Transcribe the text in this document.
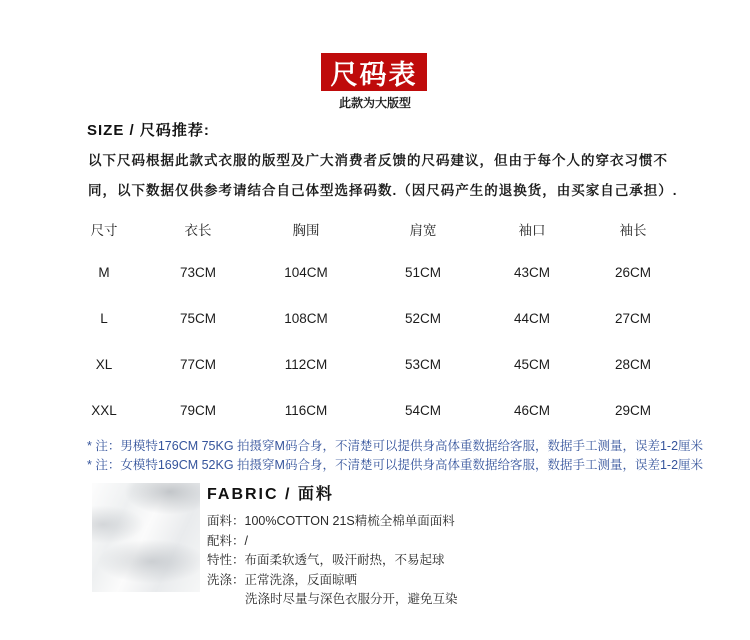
尺码表
此款为大版型
SIZE / 尺码推荐:
以下尺码根据此款式衣服的版型及广大消费者反馈的尺码建议，但由于每个人的穿衣习惯不
同，以下数据仅供参考请结合自己体型选择码数.（因尺码产生的退换货，由买家自己承担）.
尺寸	衣长	胸围	肩宽	袖口	袖长
M	73CM	104CM	51CM	43CM	26CM
L	75CM	108CM	52CM	44CM	27CM
XL	77CM	112CM	53CM	45CM	28CM
XXL	79CM	116CM	54CM	46CM	29CM
* 注：男模特176CM 75KG 拍摄穿M码合身，不清楚可以提供身高体重数据给客服，数据手工测量，误差1-2厘米
* 注：女模特169CM 52KG 拍摄穿M码合身，不清楚可以提供身高体重数据给客服，数据手工测量，误差1-2厘米
FABRIC / 面料
面料：100%COTTON 21S精梳全棉单面面料
配料：/
特性：布面柔软透气，吸汗耐热，不易起球
洗涤：正常洗涤，反面晾晒
洗涤时尽量与深色衣服分开，避免互染
